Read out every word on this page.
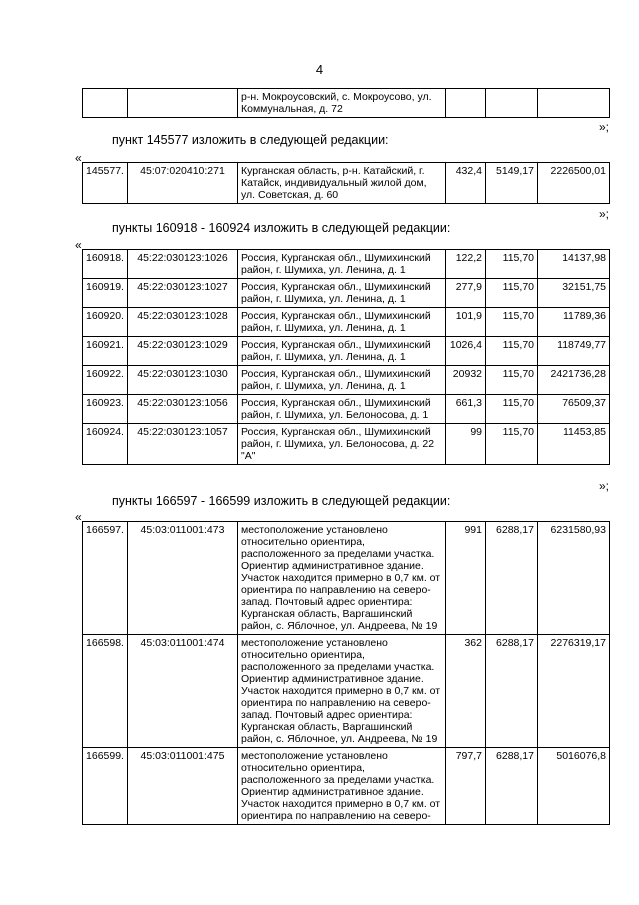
4
		р-н. Мокроусовский, с. Мокроусово, ул. Коммунальная, д. 72			
»;
пункт 145577 изложить в следующей редакции:
«
145577.	45:07:020410:271	Курганская область, р-н. Катайский, г. Катайск, индивидуальный жилой дом, ул. Советская, д. 60	432,4	5149,17	2226500,01
»;
пункты 160918 - 160924 изложить в следующей редакции:
«
160918.	45:22:030123:1026	Россия, Курганская обл., Шумихинский район, г. Шумиха, ул. Ленина, д. 1	122,2	115,70	14137,98
160919.	45:22:030123:1027	Россия, Курганская обл., Шумихинский район, г. Шумиха, ул. Ленина, д. 1	277,9	115,70	32151,75
160920.	45:22:030123:1028	Россия, Курганская обл., Шумихинский район, г. Шумиха, ул. Ленина, д. 1	101,9	115,70	11789,36
160921.	45:22:030123:1029	Россия, Курганская обл., Шумихинский район, г. Шумиха, ул. Ленина, д. 1	1026,4	115,70	118749,77
160922.	45:22:030123:1030	Россия, Курганская обл., Шумихинский район, г. Шумиха, ул. Ленина, д. 1	20932	115,70	2421736,28
160923.	45:22:030123:1056	Россия, Курганская обл., Шумихинский район, г. Шумиха, ул. Белоносова, д. 1	661,3	115,70	76509,37
160924.	45:22:030123:1057	Россия, Курганская обл., Шумихинский район, г. Шумиха, ул. Белоносова, д. 22 "А"	99	115,70	11453,85
»;
пункты 166597 - 166599 изложить в следующей редакции:
«
166597.	45:03:011001:473	местоположение установлено относительно ориентира, расположенного за пределами участка. Ориентир административное здание. Участок находится примерно в 0,7 км. от ориентира по направлению на северо-запад. Почтовый адрес ориентира: Курганская область, Варгашинский район, с. Яблочное, ул. Андреева, № 19	991	6288,17	6231580,93
166598.	45:03:011001:474	местоположение установлено относительно ориентира, расположенного за пределами участка. Ориентир административное здание. Участок находится примерно в 0,7 км. от ориентира по направлению на северо-запад. Почтовый адрес ориентира: Курганская область, Варгашинский район, с. Яблочное, ул. Андреева, № 19	362	6288,17	2276319,17
166599.	45:03:011001:475	местоположение установлено относительно ориентира, расположенного за пределами участка. Ориентир административное здание. Участок находится примерно в 0,7 км. от ориентира по направлению на северо-	797,7	6288,17	5016076,8
